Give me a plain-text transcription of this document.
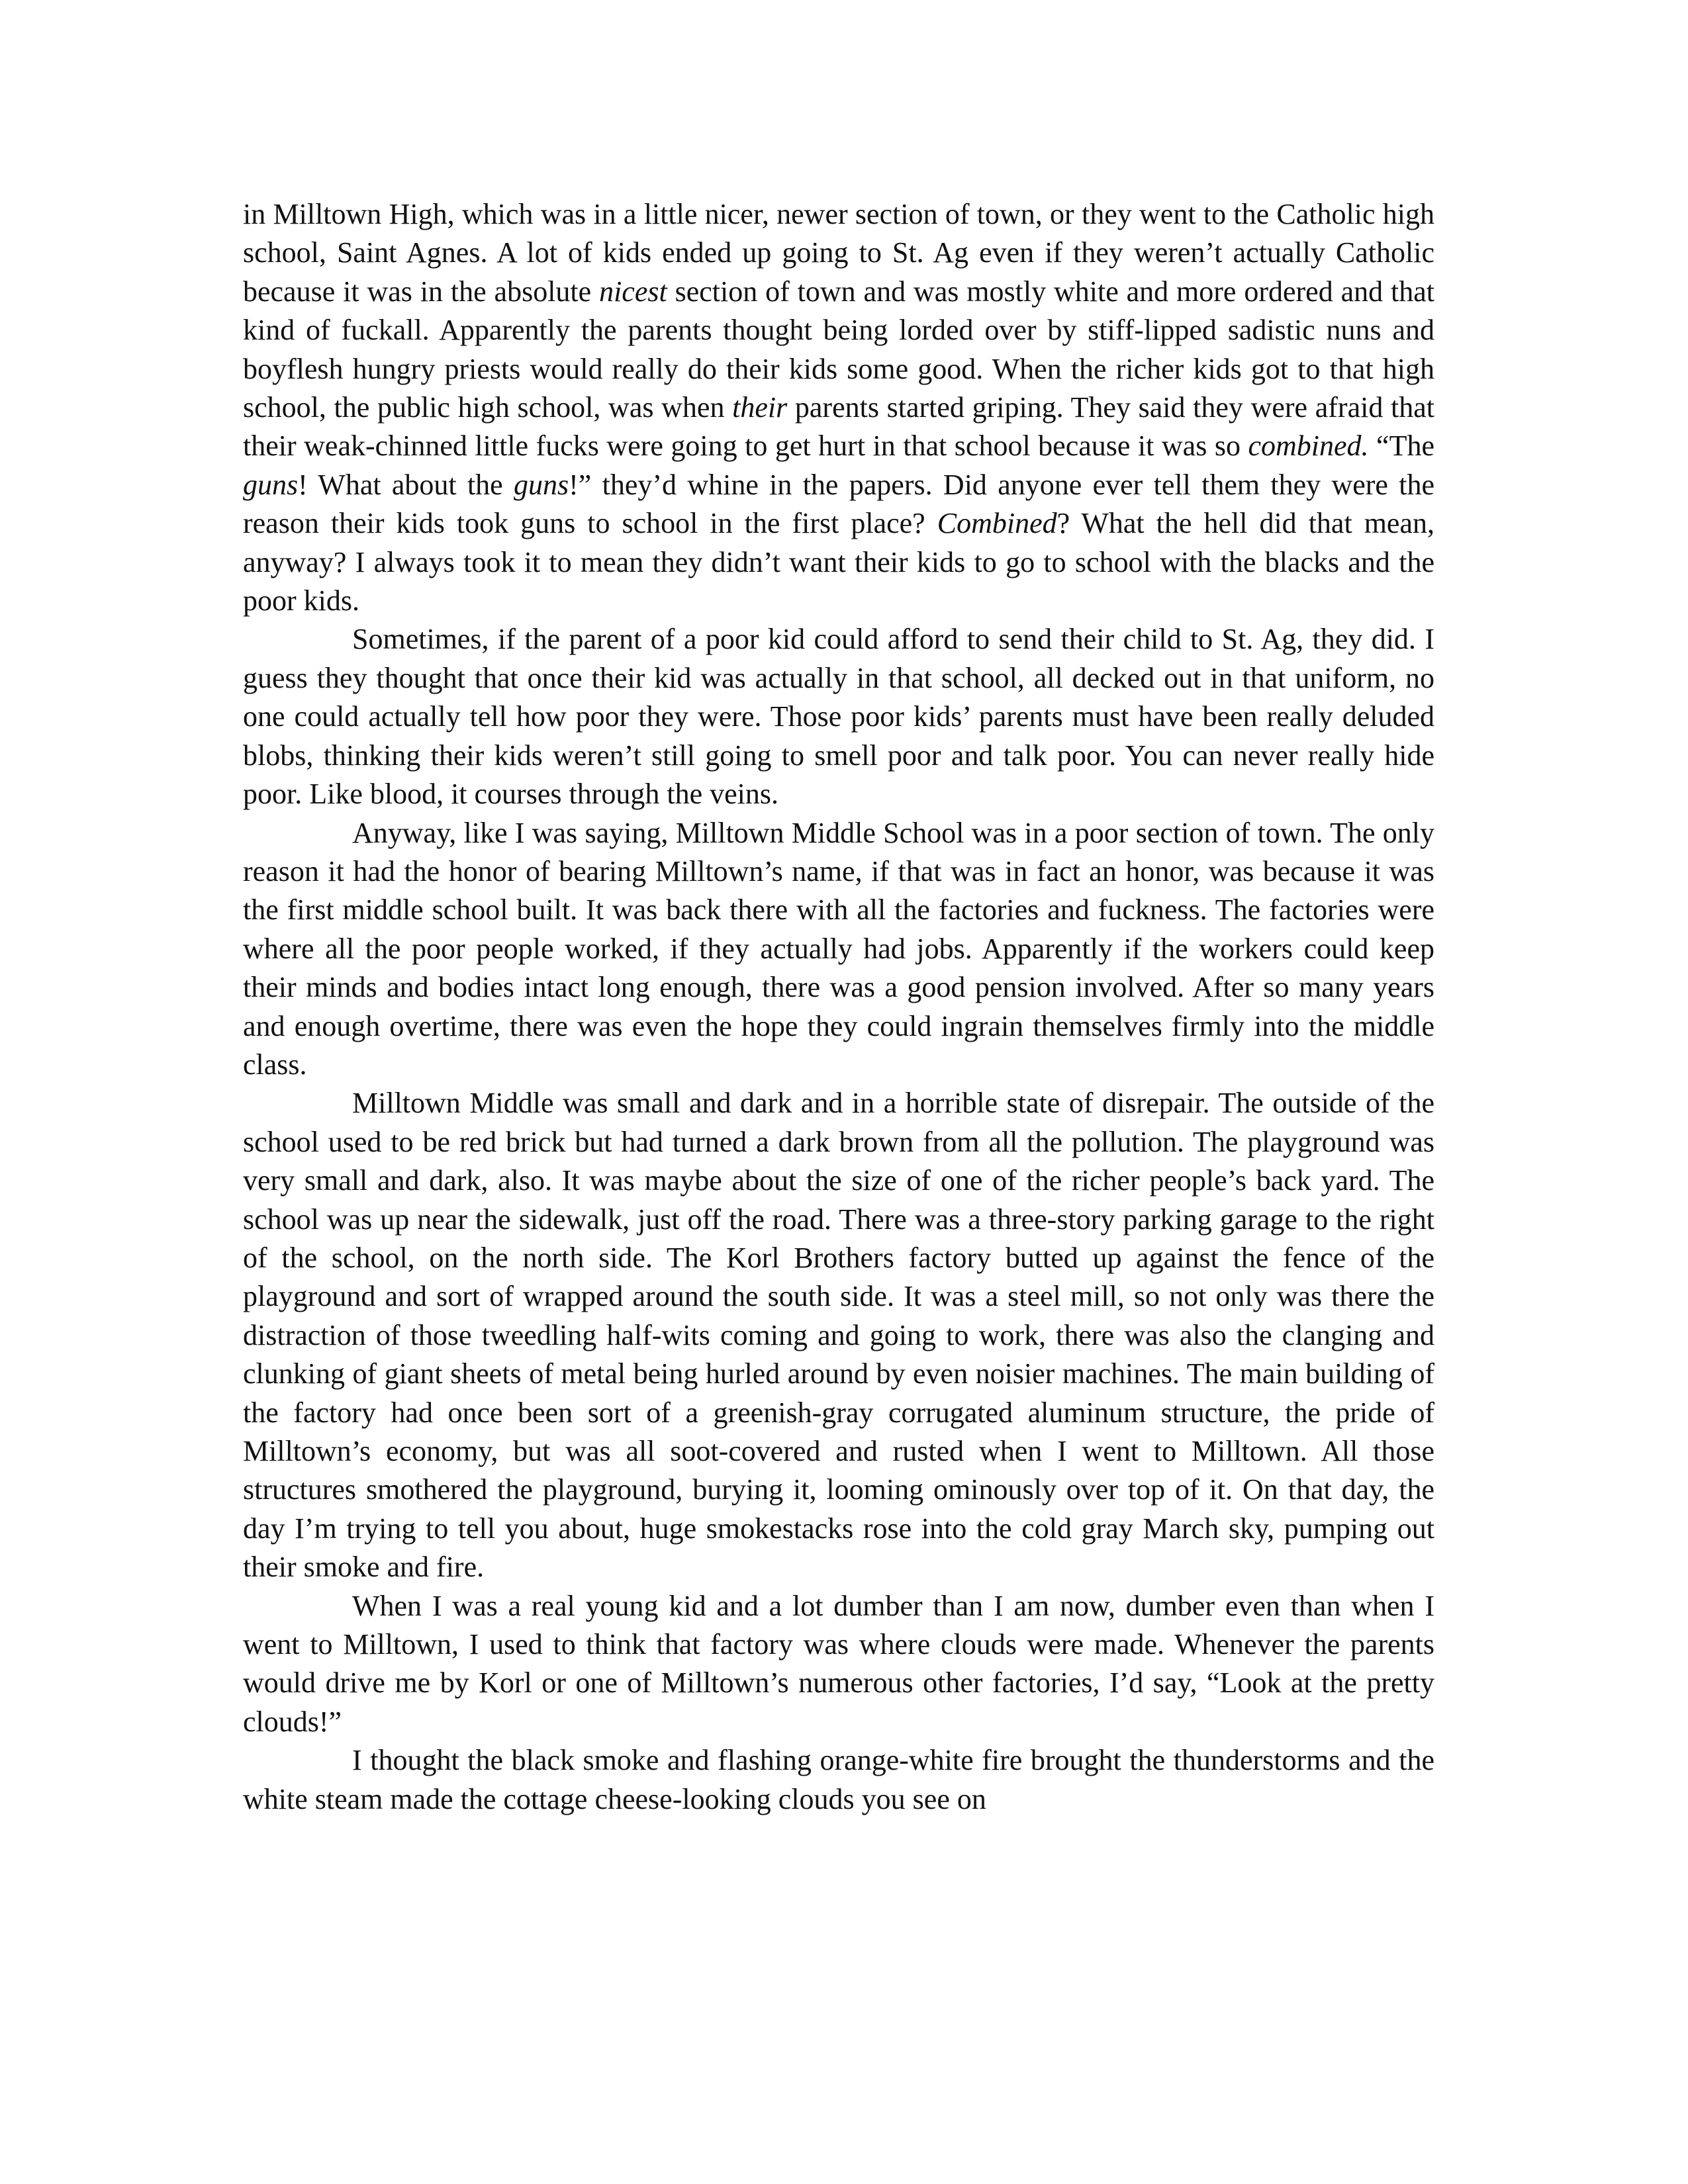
in Milltown High, which was in a little nicer, newer section of town, or they went to the Catholic high school, Saint Agnes. A lot of kids ended up going to St. Ag even if they weren’t actually Catholic because it was in the absolute nicest section of town and was mostly white and more ordered and that kind of fuckall. Apparently the parents thought being lorded over by stiff-lipped sadistic nuns and boyflesh hungry priests would really do their kids some good. When the richer kids got to that high school, the public high school, was when their parents started griping. They said they were afraid that their weak-chinned little fucks were going to get hurt in that school because it was so combined. “The guns! What about the guns!” they’d whine in the papers. Did anyone ever tell them they were the reason their kids took guns to school in the first place? Combined? What the hell did that mean, anyway? I always took it to mean they didn’t want their kids to go to school with the blacks and the poor kids.

Sometimes, if the parent of a poor kid could afford to send their child to St. Ag, they did. I guess they thought that once their kid was actually in that school, all decked out in that uniform, no one could actually tell how poor they were. Those poor kids’ parents must have been really deluded blobs, thinking their kids weren’t still going to smell poor and talk poor. You can never really hide poor. Like blood, it courses through the veins.

Anyway, like I was saying, Milltown Middle School was in a poor section of town. The only reason it had the honor of bearing Milltown’s name, if that was in fact an honor, was because it was the first middle school built. It was back there with all the factories and fuckness. The factories were where all the poor people worked, if they actually had jobs. Apparently if the workers could keep their minds and bodies intact long enough, there was a good pension involved. After so many years and enough overtime, there was even the hope they could ingrain themselves firmly into the middle class.

Milltown Middle was small and dark and in a horrible state of disrepair. The outside of the school used to be red brick but had turned a dark brown from all the pollution. The playground was very small and dark, also. It was maybe about the size of one of the richer people’s back yard. The school was up near the sidewalk, just off the road. There was a three-story parking garage to the right of the school, on the north side. The Korl Brothers factory butted up against the fence of the playground and sort of wrapped around the south side. It was a steel mill, so not only was there the distraction of those tweedling half-wits coming and going to work, there was also the clanging and clunking of giant sheets of metal being hurled around by even noisier machines. The main building of the factory had once been sort of a greenish-gray corrugated aluminum structure, the pride of Milltown’s economy, but was all soot-covered and rusted when I went to Milltown. All those structures smothered the playground, burying it, looming ominously over top of it. On that day, the day I’m trying to tell you about, huge smokestacks rose into the cold gray March sky, pumping out their smoke and fire.

When I was a real young kid and a lot dumber than I am now, dumber even than when I went to Milltown, I used to think that factory was where clouds were made. Whenever the parents would drive me by Korl or one of Milltown’s numerous other factories, I’d say, “Look at the pretty clouds!”

I thought the black smoke and flashing orange-white fire brought the thunderstorms and the white steam made the cottage cheese-looking clouds you see on
